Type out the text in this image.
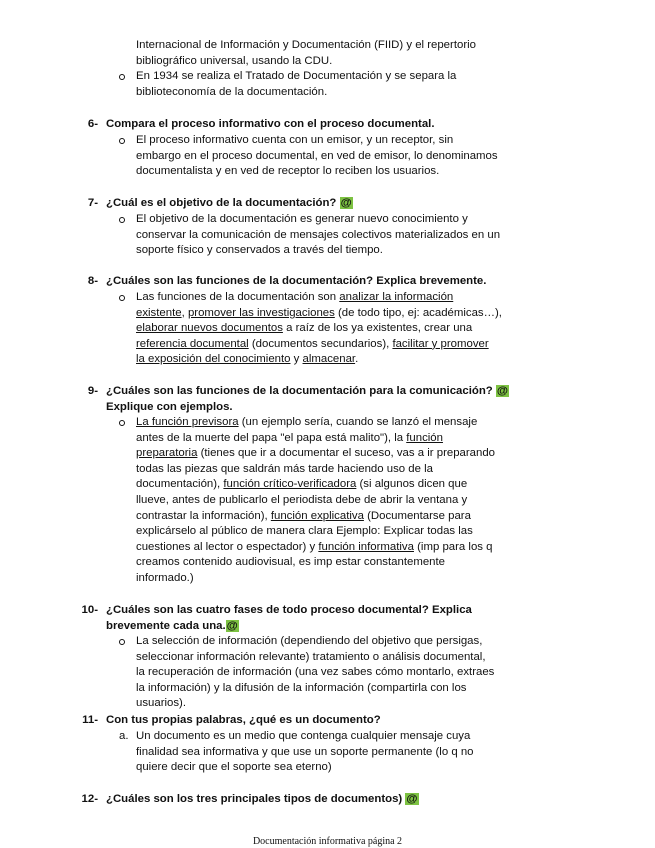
Internacional de Información y Documentación (FIID) y el repertorio
bibliográfico universal, usando la CDU.
En 1934 se realiza el Tratado de Documentación y se separa la
biblioteconomía de la documentación.
6- Compara el proceso informativo con el proceso documental.
El proceso informativo cuenta con un emisor, y un receptor, sin
embargo en el proceso documental, en ved de emisor, lo denominamos
documentalista y en ved de receptor lo reciben los usuarios.
7- ¿Cuál es el objetivo de la documentación? @
El objetivo de la documentación es generar nuevo conocimiento y
conservar la comunicación de mensajes colectivos materializados en un
soporte físico y conservados a través del tiempo.
8- ¿Cuáles son las funciones de la documentación? Explica brevemente.
Las funciones de la documentación son analizar la información
existente, promover las investigaciones (de todo tipo, ej: académicas…),
elaborar nuevos documentos a raíz de los ya existentes, crear una
referencia documental (documentos secundarios), facilitar y promover
la exposición del conocimiento y almacenar.
9- ¿Cuáles son las funciones de la documentación para la comunicación? @
Explique con ejemplos.
La función previsora (un ejemplo sería, cuando se lanzó el mensaje
antes de la muerte del papa "el papa está malito"), la función
preparatoria (tienes que ir a documentar el suceso, vas a ir preparando
todas las piezas que saldrán más tarde haciendo uso de la
documentación), función crítico-verificadora (si algunos dicen que
llueve, antes de publicarlo el periodista debe de abrir la ventana y
contrastar la información), función explicativa (Documentarse para
explicárselo al público de manera clara Ejemplo: Explicar todas las
cuestiones al lector o espectador) y función informativa (imp para los q
creamos contenido audiovisual, es imp estar constantemente
informado.)
10- ¿Cuáles son las cuatro fases de todo proceso documental? Explica
brevemente cada una.@
La selección de información (dependiendo del objetivo que persigas,
seleccionar información relevante) tratamiento o análisis documental,
la recuperación de información (una vez sabes cómo montarlo, extraes
la información) y la difusión de la información (compartirla con los
usuarios).
11- Con tus propias palabras, ¿qué es un documento?
a. Un documento es un medio que contenga cualquier mensaje cuya
finalidad sea informativa y que use un soporte permanente (lo q no
quiere decir que el soporte sea eterno)
12- ¿Cuáles son los tres principales tipos de documentos) @
Documentación informativa página 2
